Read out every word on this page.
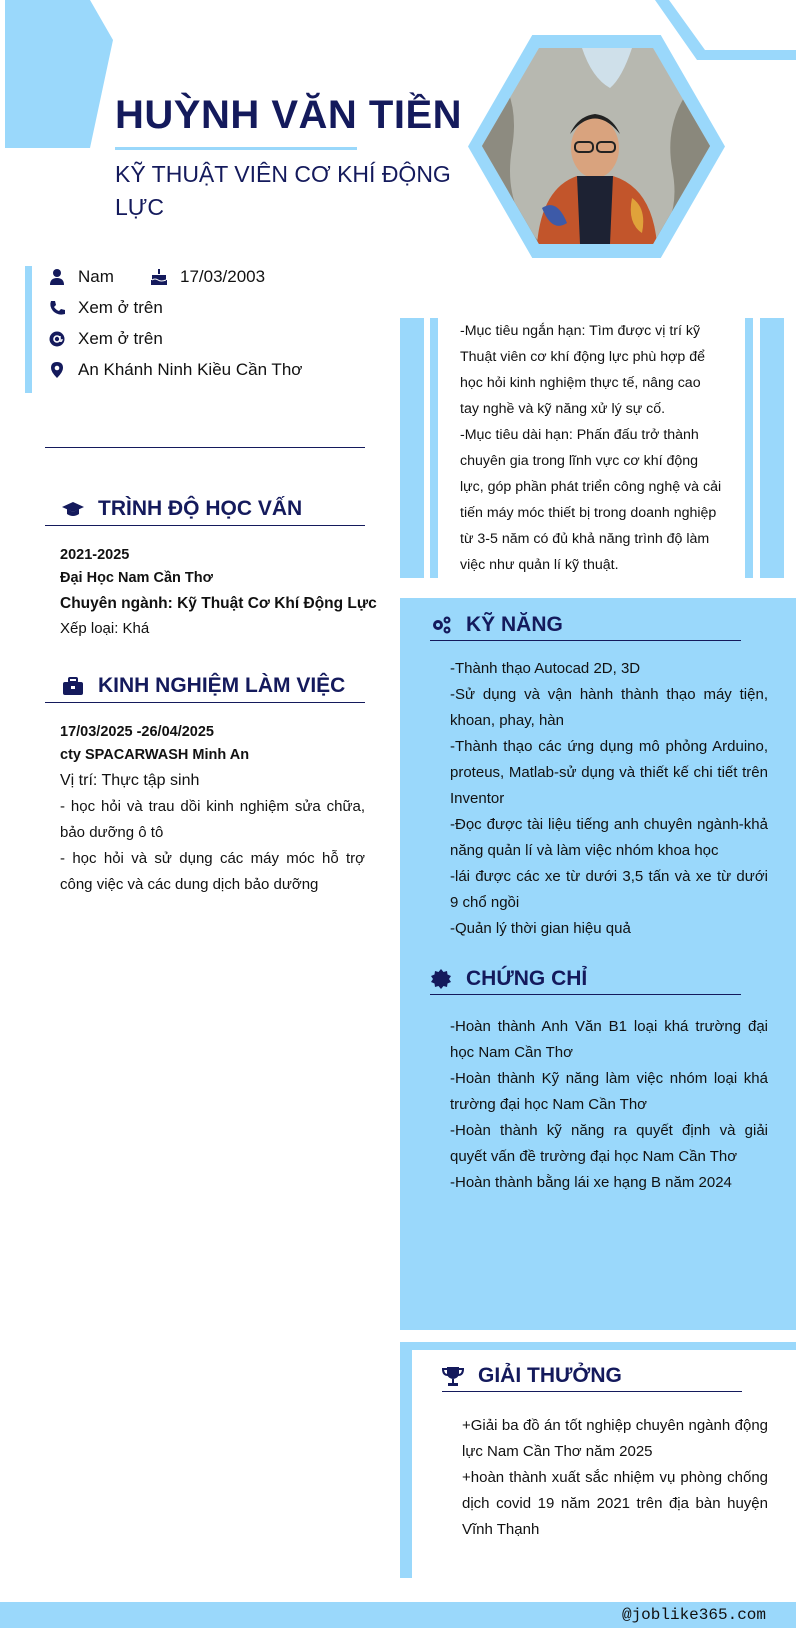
HUỲNH VĂN TIỀN
KỸ THUẬT VIÊN CƠ KHÍ ĐỘNG LỰC
Nam	17/03/2003
Xem ở trên
Xem ở trên
An Khánh Ninh Kiều Cần Thơ
TRÌNH ĐỘ HỌC VẤN
2021-2025
Đại Học Nam Cần Thơ
Chuyên ngành: Kỹ Thuật Cơ Khí Động Lực
Xếp loại: Khá
KINH NGHIỆM LÀM VIỆC
17/03/2025 -26/04/2025
cty SPACARWASH Minh An
Vị trí: Thực tập sinh
- học hỏi và trau dồi kinh nghiệm sửa chữa, bảo dưỡng ô tô
- học hỏi và sử dụng các máy móc hỗ trợ công việc và các dung dịch bảo dưỡng
-Mục tiêu ngắn hạn: Tìm được vị trí kỹ Thuật viên cơ khí động lực phù hợp để học hỏi kinh nghiệm thực tế, nâng cao tay nghề và kỹ năng xử lý sự cố.
-Mục tiêu dài hạn: Phấn đấu trở thành chuyên gia trong lĩnh vực cơ khí động lực, góp phần phát triển công nghệ và cải tiến máy móc thiết bị trong doanh nghiệp từ 3-5 năm có đủ khả năng trình độ làm việc như quản lí kỹ thuật.
KỸ NĂNG
-Thành thạo Autocad 2D, 3D
-Sử dụng và vận hành thành thạo máy tiện, khoan, phay, hàn
-Thành thạo các ứng dụng mô phỏng Arduino, proteus, Matlab-sử dụng và thiết kế chi tiết trên Inventor
-Đọc được tài liệu tiếng anh chuyên ngành-khả năng quản lí và làm việc nhóm khoa học
-lái được các xe từ dưới 3,5 tấn và xe từ dưới 9 chổ ngồi
-Quản lý thời gian hiệu quả
CHỨNG CHỈ
-Hoàn thành Anh Văn B1 loại khá trường đại học Nam Cần Thơ
-Hoàn thành Kỹ năng làm việc nhóm loại khá trường đại học Nam Cần Thơ
-Hoàn thành kỹ năng ra quyết định và giải quyết vấn đề trường đại học Nam Cần Thơ
-Hoàn thành bằng lái xe hạng B năm 2024
GIẢI THƯỞNG
+Giải ba đồ án tốt nghiệp chuyên ngành động lực Nam Cần Thơ năm 2025
+hoàn thành xuất sắc nhiệm vụ phòng chống dịch covid 19 năm 2021 trên địa bàn huyện Vĩnh Thạnh
@joblike365.com
